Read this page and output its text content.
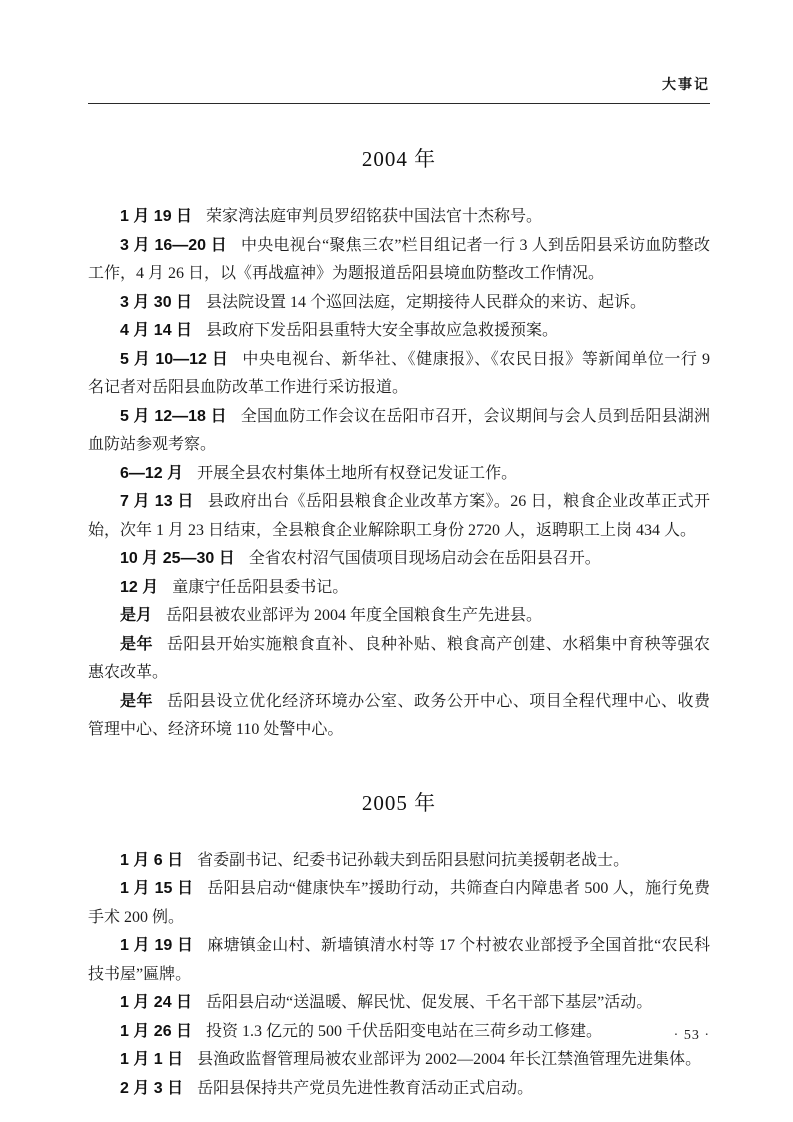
大事记
2004 年

1 月 19 日 荣家湾法庭审判员罗绍铭获中国法官十杰称号。

3 月 16—20 日 中央电视台“聚焦三农”栏目组记者一行 3 人到岳阳县采访血防整改工作，4 月 26 日，以《再战瘟神》为题报道岳阳县境血防整改工作情况。

3 月 30 日 县法院设置 14 个巡回法庭，定期接待人民群众的来访、起诉。

4 月 14 日 县政府下发岳阳县重特大安全事故应急救援预案。

5 月 10—12 日 中央电视台、新华社、《健康报》、《农民日报》等新闻单位一行 9 名记者对岳阳县血防改革工作进行采访报道。

5 月 12—18 日 全国血防工作会议在岳阳市召开，会议期间与会人员到岳阳县湖洲血防站参观考察。

6—12 月 开展全县农村集体土地所有权登记发证工作。

7 月 13 日 县政府出台《岳阳县粮食企业改革方案》。26 日，粮食企业改革正式开始，次年 1 月 23 日结束，全县粮食企业解除职工身份 2720 人，返聘职工上岗 434 人。

10 月 25—30 日 全省农村沼气国债项目现场启动会在岳阳县召开。

12 月 童康宁任岳阳县委书记。

是月 岳阳县被农业部评为 2004 年度全国粮食生产先进县。

是年 岳阳县开始实施粮食直补、良种补贴、粮食高产创建、水稻集中育秧等强农惠农改革。

是年 岳阳县设立优化经济环境办公室、政务公开中心、项目全程代理中心、收费管理中心、经济环境 110 处警中心。

2005 年

1 月 6 日 省委副书记、纪委书记孙载夫到岳阳县慰问抗美援朝老战士。

1 月 15 日 岳阳县启动“健康快车”援助行动，共筛查白内障患者 500 人，施行免费手术 200 例。

1 月 19 日 麻塘镇金山村、新墙镇清水村等 17 个村被农业部授予全国首批“农民科技书屋”匾牌。

1 月 24 日 岳阳县启动“送温暖、解民忧、促发展、千名干部下基层”活动。

1 月 26 日 投资 1.3 亿元的 500 千伏岳阳变电站在三荷乡动工修建。

1 月 1 日 县渔政监督管理局被农业部评为 2002—2004 年长江禁渔管理先进集体。

2 月 3 日 岳阳县保持共产党员先进性教育活动正式启动。

· 53 ·
